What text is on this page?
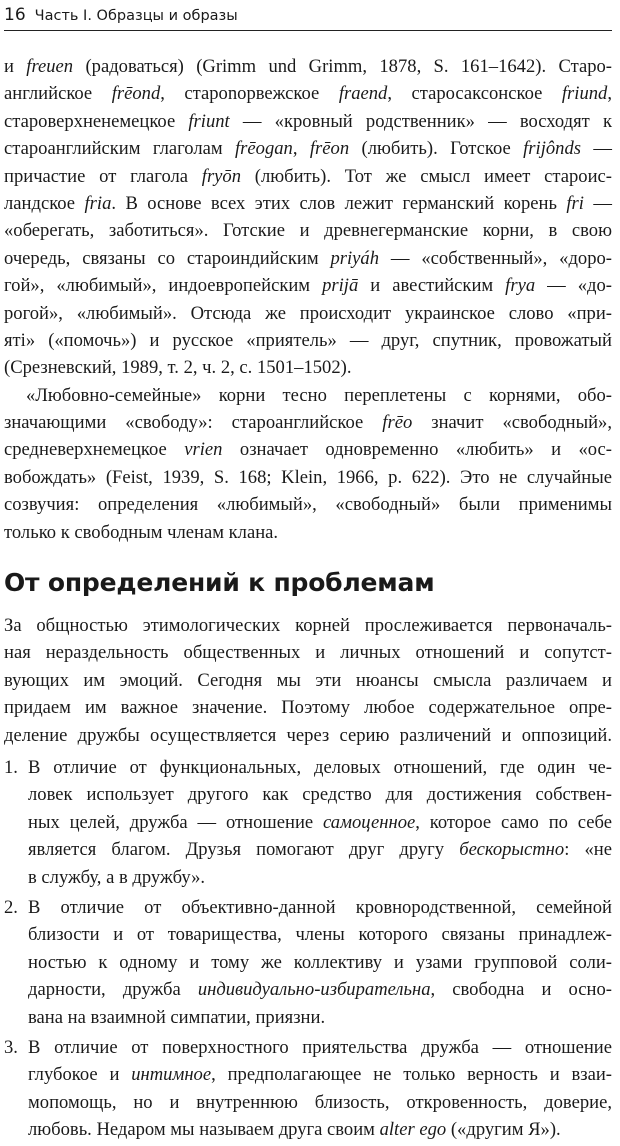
16 Часть I. Образцы и образы
и freuen (радоваться) (Grimm und Grimm, 1878, S. 161–1642). Старо-
английское frēond, староnорвежское fraend, старосаксонское friund,
староверхненемецкое friunt — «кровный родственник» — восходят к
староанглийским глаголам frēogan, frēon (любить). Готское frijônds —
причастие от глагола fryōn (любить). Тот же смысл имеет староис-
ландское fria. В основе всех этих слов лежит германский корень fri —
«оберегать, заботиться». Готские и древнегерманские корни, в свою
очередь, связаны со староиндийским priyáh — «собственный», «доро-
гой», «любимый», индоевропейским prijā и авестийским frya — «до-
рогой», «любимый». Отсюда же происходит украинское слово «при-
ятi» («помочь») и русское «приятель» — друг, спутник, провожатый
(Срезневский, 1989, т. 2, ч. 2, с. 1501–1502).
«Любовно-семейные» корни тесно переплетены с корнями, обо-
значающими «свободу»: староанглийское frēo значит «свободный»,
средневерхнемецкое vrien означает одновременно «любить» и «ос-
вобождать» (Feist, 1939, S. 168; Klein, 1966, p. 622). Это не случайные
созвучия: определения «любимый», «свободный» были применимы
только к свободным членам клана.
От определений к проблемам
За общностью этимологических корней прослеживается первоначаль-
ная нераздельность общественных и личных отношений и сопутст-
вующих им эмоций. Сегодня мы эти нюансы смысла различаем и
придаем им важное значение. Поэтому любое содержательное опре-
деление дружбы осуществляется через серию различений и оппозиций.
1. В отличие от функциональных, деловых отношений, где один че-
ловек использует другого как средство для достижения собствен-
ных целей, дружба — отношение самоценное, которое само по себе
является благом. Друзья помогают друг другу бескорыстно: «не
в службу, а в дружбу».
2. В отличие от объективно-данной кровнородственной, семейной
близости и от товарищества, члены которого связаны принадлеж-
ностью к одному и тому же коллективу и узами групповой соли-
дарности, дружба индивидуально-избирательна, свободна и осно-
вана на взаимной симпатии, приязни.
3. В отличие от поверхностного приятельства дружба — отношение
глубокое и интимное, предполагающее не только верность и взаи-
мопомощь, но и внутреннюю близость, откровенность, доверие,
любовь. Недаром мы называем друга своим alter ego («другим Я»).
